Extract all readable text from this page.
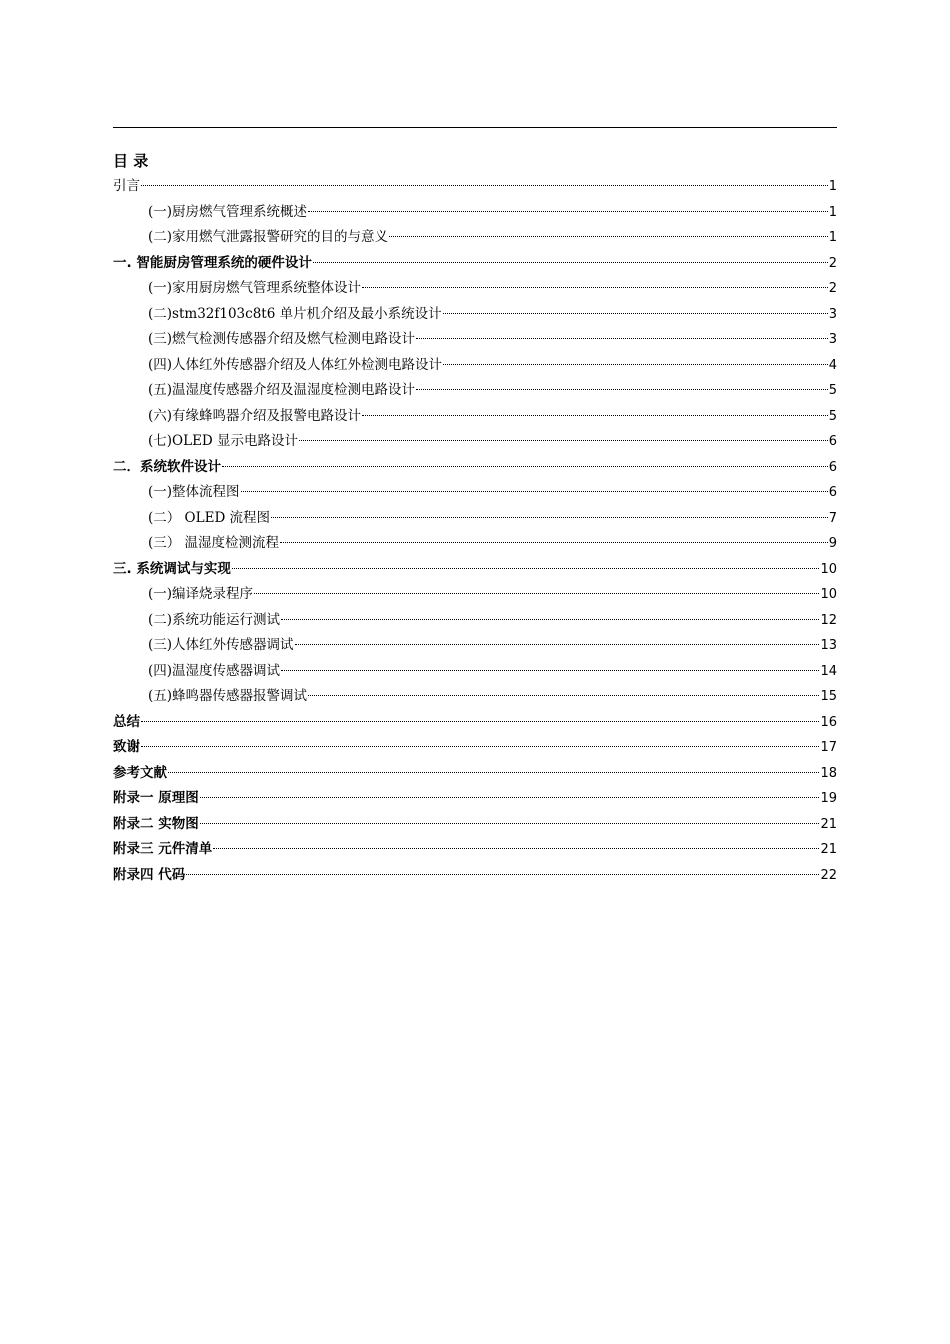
目 录
引言	1
(一)厨房燃气管理系统概述	1
(二)家用燃气泄露报警研究的目的与意义	1
一. 智能厨房管理系统的硬件设计	2
(一)家用厨房燃气管理系统整体设计	2
(二)stm32f103c8t6 单片机介绍及最小系统设计	3
(三)燃气检测传感器介绍及燃气检测电路设计	3
(四)人体红外传感器介绍及人体红外检测电路设计	4
(五)温湿度传感器介绍及温湿度检测电路设计	5
(六)有缘蜂鸣器介绍及报警电路设计	5
(七)OLED 显示电路设计	6
二．系统软件设计	6
(一)整体流程图	6
(二） OLED 流程图	7
(三） 温湿度检测流程	9
三. 系统调试与实现	10
(一)编译烧录程序	10
(二)系统功能运行测试	12
(三)人体红外传感器调试	13
(四)温湿度传感器调试	14
(五)蜂鸣器传感器报警调试	15
总结	16
致谢	17
参考文献	18
附录一 原理图	19
附录二 实物图	21
附录三 元件清单	21
附录四 代码	22
